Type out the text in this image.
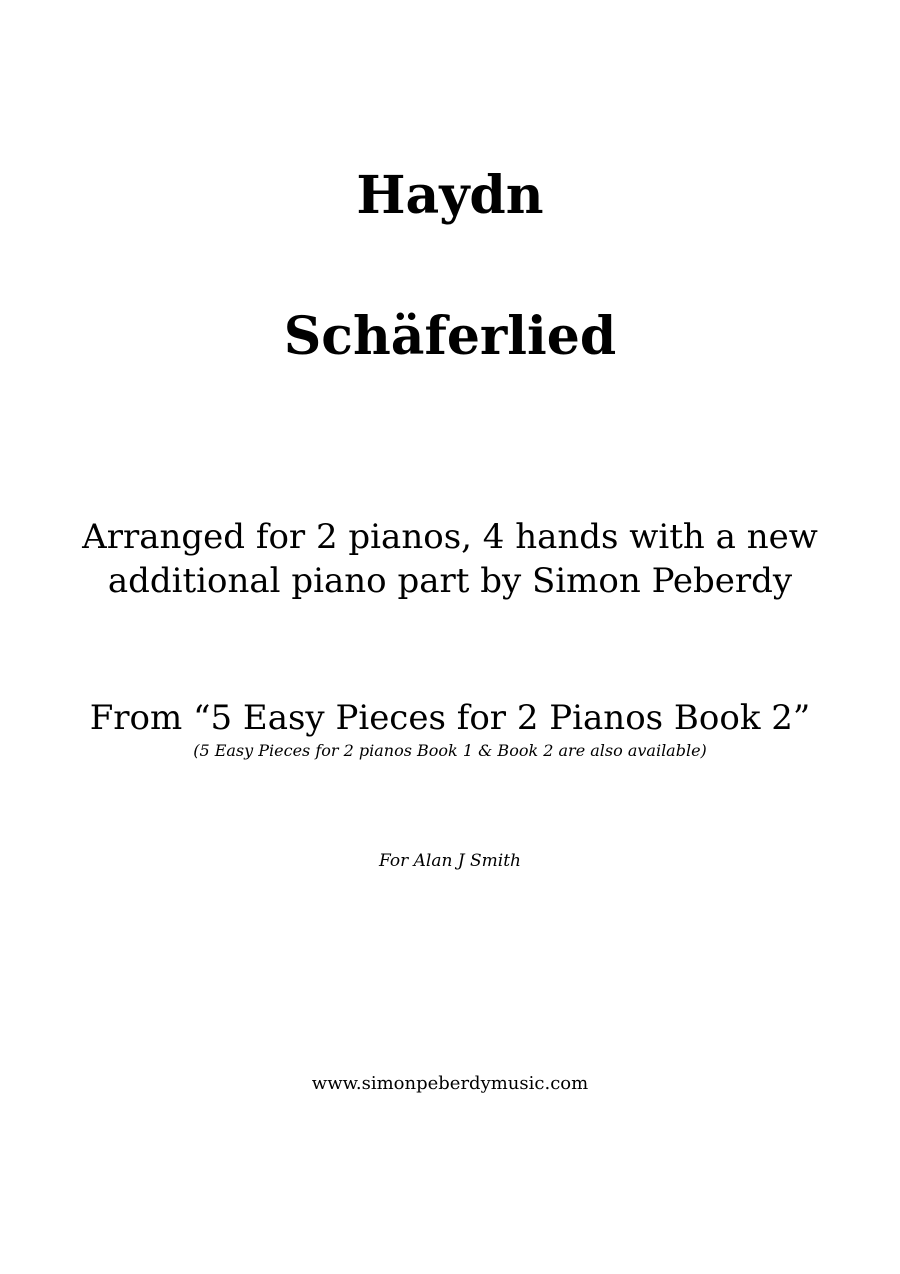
Haydn
Schäferlied
Arranged for 2 pianos, 4 hands with a new
additional piano part by Simon Peberdy
From “5 Easy Pieces for 2 Pianos Book 2”
(5 Easy Pieces for 2 pianos Book 1 & Book 2 are also available)
For Alan J Smith
www.simonpeberdymusic.com
